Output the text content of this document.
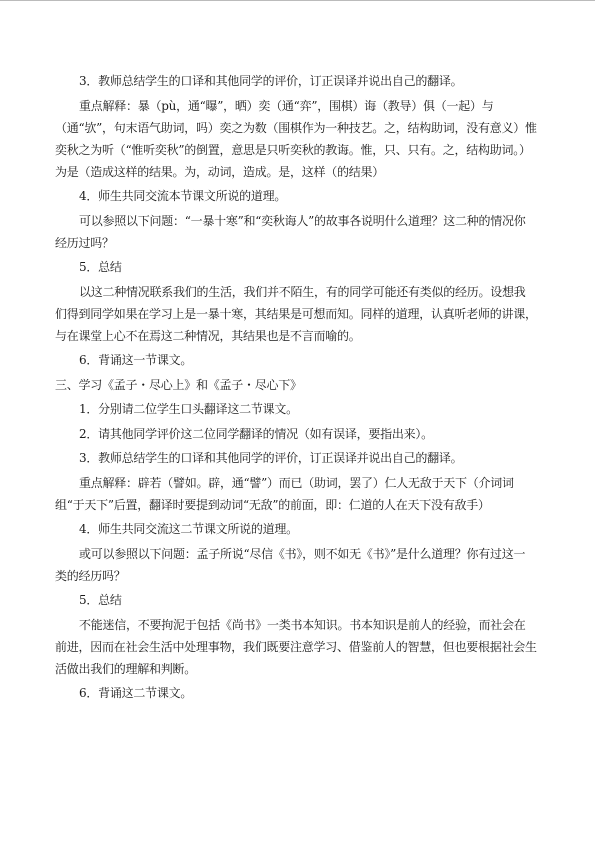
3．教师总结学生的口译和其他同学的评价，订正误译并说出自己的翻译。

重点解释：暴（pù，通“曝”，晒）奕（通“弈”，围棋）诲（教导）俱（一起）与（通“欤”，句末语气助词，吗）奕之为数（围棋作为一种技艺。之，结构助词，没有意义）惟奕秋之为听（“惟听奕秋”的倒置，意思是只听奕秋的教诲。惟，只、只有。之，结构助词。）为是（造成这样的结果。为，动词，造成。是，这样（的结果）

4．师生共同交流本节课文所说的道理。

可以参照以下问题：“一暴十寒”和“奕秋诲人”的故事各说明什么道理？这二种的情况你经历过吗？

5．总结

以这二种情况联系我们的生活，我们并不陌生，有的同学可能还有类似的经历。设想我们得到同学如果在学习上是一暴十寒，其结果是可想而知。同样的道理，认真听老师的讲课，与在课堂上心不在焉这二种情况，其结果也是不言而喻的。

6．背诵这一节课文。

三、学习《孟子・尽心上》和《孟子・尽心下》

1．分别请二位学生口头翻译这二节课文。

2．请其他同学评价这二位同学翻译的情况（如有误译，要指出来）。

3．教师总结学生的口译和其他同学的评价，订正误译并说出自己的翻译。

重点解释：辟若（譬如。辟，通“譬”）而已（助词，罢了）仁人无敌于天下（介词词组“于天下”后置，翻译时要提到动词“无敌”的前面，即：仁道的人在天下没有敌手）

4．师生共同交流这二节课文所说的道理。

或可以参照以下问题：孟子所说“尽信《书》，则不如无《书》”是什么道理？你有过这一类的经历吗？

5．总结

不能迷信，不要拘泥于包括《尚书》一类书本知识。书本知识是前人的经验，而社会在前进，因而在社会生活中处理事物，我们既要注意学习、借鉴前人的智慧，但也要根据社会生活做出我们的理解和判断。

6．背诵这二节课文。
